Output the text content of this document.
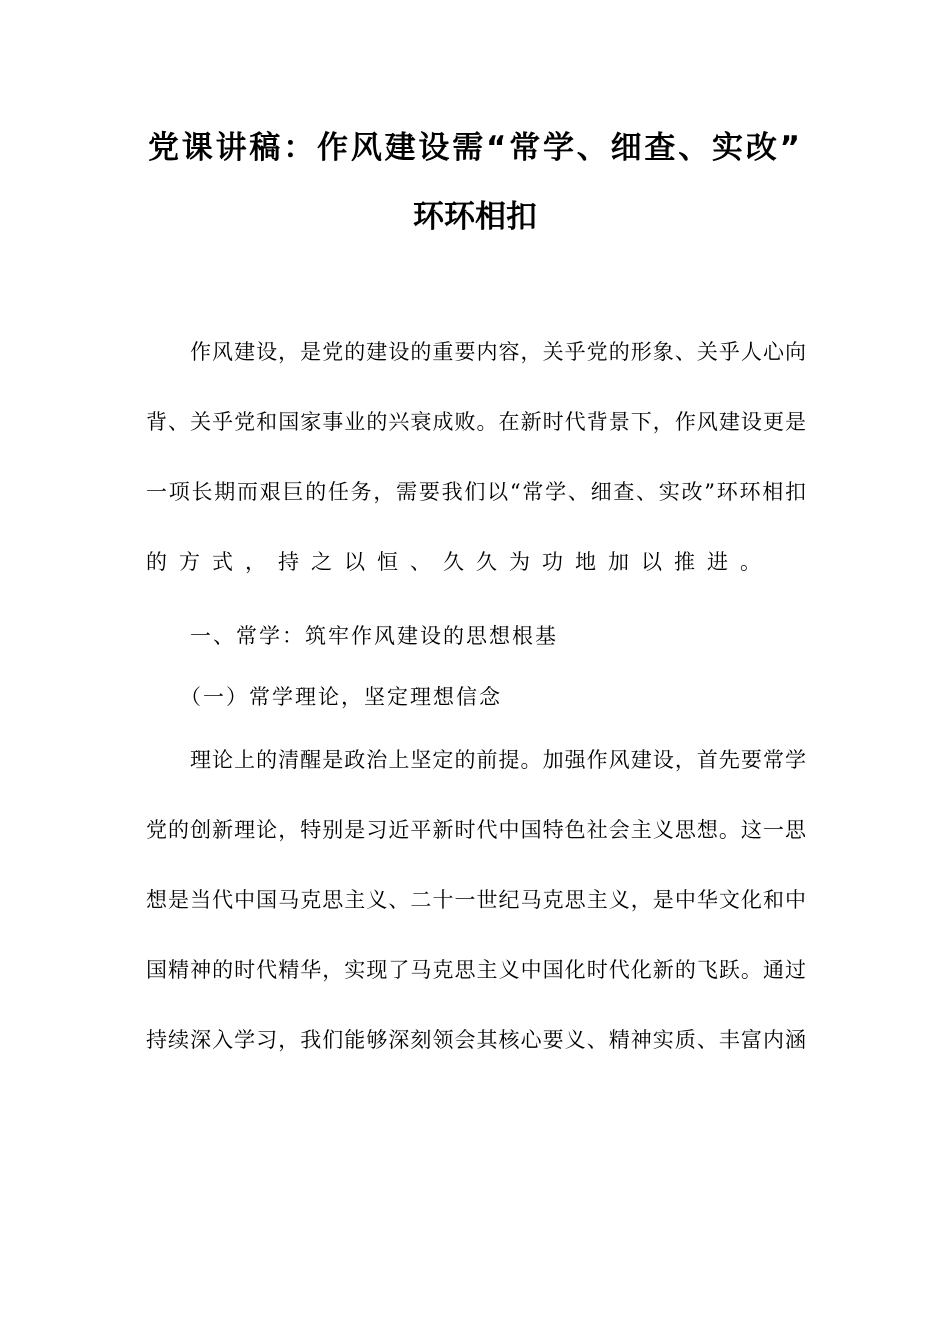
党课讲稿：作风建设需“常学、细查、实改”
环环相扣
作风建设，是党的建设的重要内容，关乎党的形象、关乎人心向
背、关乎党和国家事业的兴衰成败。在新时代背景下，作风建设更是
一项长期而艰巨的任务，需要我们以“常学、细查、实改”环环相扣
的方式，持之以恒、久久为功地加以推进。
一、常学：筑牢作风建设的思想根基
（一）常学理论，坚定理想信念
理论上的清醒是政治上坚定的前提。加强作风建设，首先要常学
党的创新理论，特别是习近平新时代中国特色社会主义思想。这一思
想是当代中国马克思主义、二十一世纪马克思主义，是中华文化和中
国精神的时代精华，实现了马克思主义中国化时代化新的飞跃。通过
持续深入学习，我们能够深刻领会其核心要义、精神实质、丰富内涵
